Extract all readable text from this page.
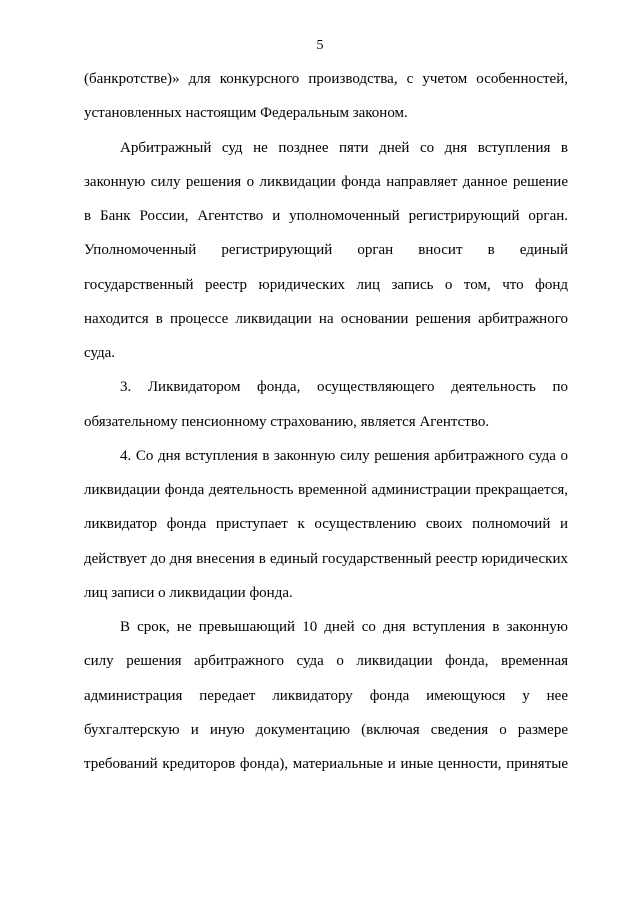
5
(банкротстве)» для конкурсного производства, с учетом особенностей,
установленных настоящим Федеральным законом.
Арбитражный суд не позднее пяти дней со дня вступления в
законную силу решения о ликвидации фонда направляет данное решение
в Банк России, Агентство и уполномоченный регистрирующий орган.
Уполномоченный регистрирующий орган вносит в единый
государственный реестр юридических лиц запись о том, что фонд
находится в процессе ликвидации на основании решения арбитражного
суда.
3. Ликвидатором фонда, осуществляющего деятельность по
обязательному пенсионному страхованию, является Агентство.
4. Со дня вступления в законную силу решения арбитражного суда о
ликвидации фонда деятельность временной администрации прекращается,
ликвидатор фонда приступает к осуществлению своих полномочий и
действует до дня внесения в единый государственный реестр юридических
лиц записи о ликвидации фонда.
В срок, не превышающий 10 дней со дня вступления в законную
силу решения арбитражного суда о ликвидации фонда, временная
администрация передает ликвидатору фонда имеющуюся у нее
бухгалтерскую и иную документацию (включая сведения о размере
требований кредиторов фонда), материальные и иные ценности, принятые
